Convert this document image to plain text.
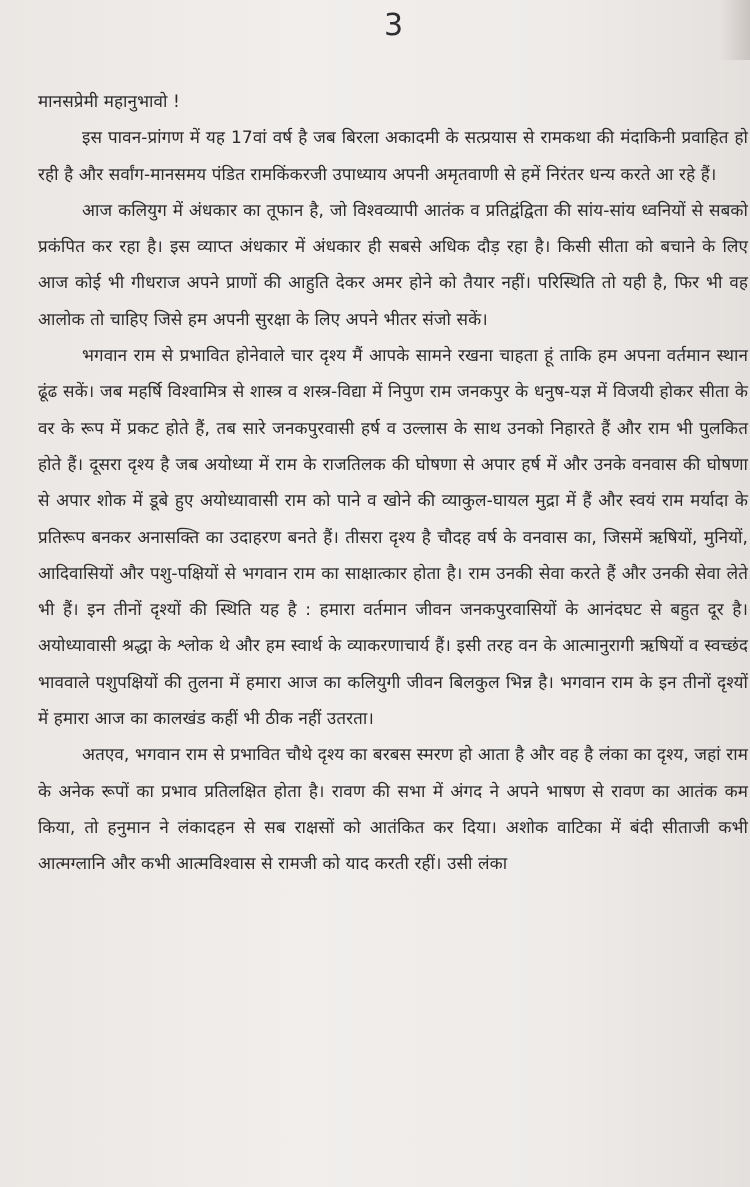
3

मानसप्रेमी महानुभावो !

इस पावन-प्रांगण में यह 17वां वर्ष है जब बिरला अकादमी के सत्प्रयास से रामकथा की मंदाकिनी प्रवाहित हो रही है और सर्वांग-मानसमय पंडित रामकिंकरजी उपाध्याय अपनी अमृतवाणी से हमें निरंतर धन्य करते आ रहे हैं।

आज कलियुग में अंधकार का तूफान है, जो विश्वव्यापी आतंक व प्रतिद्वंद्विता की सांय-सांय ध्वनियों से सबको प्रकंपित कर रहा है। इस व्याप्त अंधकार में अंधकार ही सबसे अधिक दौड़ रहा है। किसी सीता को बचाने के लिए आज कोई भी गीधराज अपने प्राणों की आहुति देकर अमर होने को तैयार नहीं। परिस्थिति तो यही है, फिर भी वह आलोक तो चाहिए जिसे हम अपनी सुरक्षा के लिए अपने भीतर संजो सकें।

भगवान राम से प्रभावित होनेवाले चार दृश्य मैं आपके सामने रखना चाहता हूं ताकि हम अपना वर्तमान स्थान ढूंढ सकें। जब महर्षि विश्वामित्र से शास्त्र व शस्त्र-विद्या में निपुण राम जनकपुर के धनुष-यज्ञ में विजयी होकर सीता के वर के रूप में प्रकट होते हैं, तब सारे जनकपुरवासी हर्ष व उल्लास के साथ उनको निहारते हैं और राम भी पुलकित होते हैं। दूसरा दृश्य है जब अयोध्या में राम के राजतिलक की घोषणा से अपार हर्ष में और उनके वनवास की घोषणा से अपार शोक में डूबे हुए अयोध्यावासी राम को पाने व खोने की व्याकुल-घायल मुद्रा में हैं और स्वयं राम मर्यादा के प्रतिरूप बनकर अनासक्ति का उदाहरण बनते हैं। तीसरा दृश्य है चौदह वर्ष के वनवास का, जिसमें ऋषियों, मुनियों, आदिवासियों और पशु-पक्षियों से भगवान राम का साक्षात्कार होता है। राम उनकी सेवा करते हैं और उनकी सेवा लेते भी हैं। इन तीनों दृश्यों की स्थिति यह है : हमारा वर्तमान जीवन जनकपुरवासियों के आनंदघट से बहुत दूर है। अयोध्यावासी श्रद्धा के श्लोक थे और हम स्वार्थ के व्याकरणाचार्य हैं। इसी तरह वन के आत्मानुरागी ऋषियों व स्वच्छंद भाववाले पशुपक्षियों की तुलना में हमारा आज का कलियुगी जीवन बिलकुल भिन्न है। भगवान राम के इन तीनों दृश्यों में हमारा आज का कालखंड कहीं भी ठीक नहीं उतरता।

अतएव, भगवान राम से प्रभावित चौथे दृश्य का बरबस स्मरण हो आता है और वह है लंका का दृश्य, जहां राम के अनेक रूपों का प्रभाव प्रतिलक्षित होता है। रावण की सभा में अंगद ने अपने भाषण से रावण का आतंक कम किया, तो हनुमान ने लंकादहन से सब राक्षसों को आतंकित कर दिया। अशोक वाटिका में बंदी सीताजी कभी आत्मग्लानि और कभी आत्मविश्वास से रामजी को याद करती रहीं। उसी लंका
